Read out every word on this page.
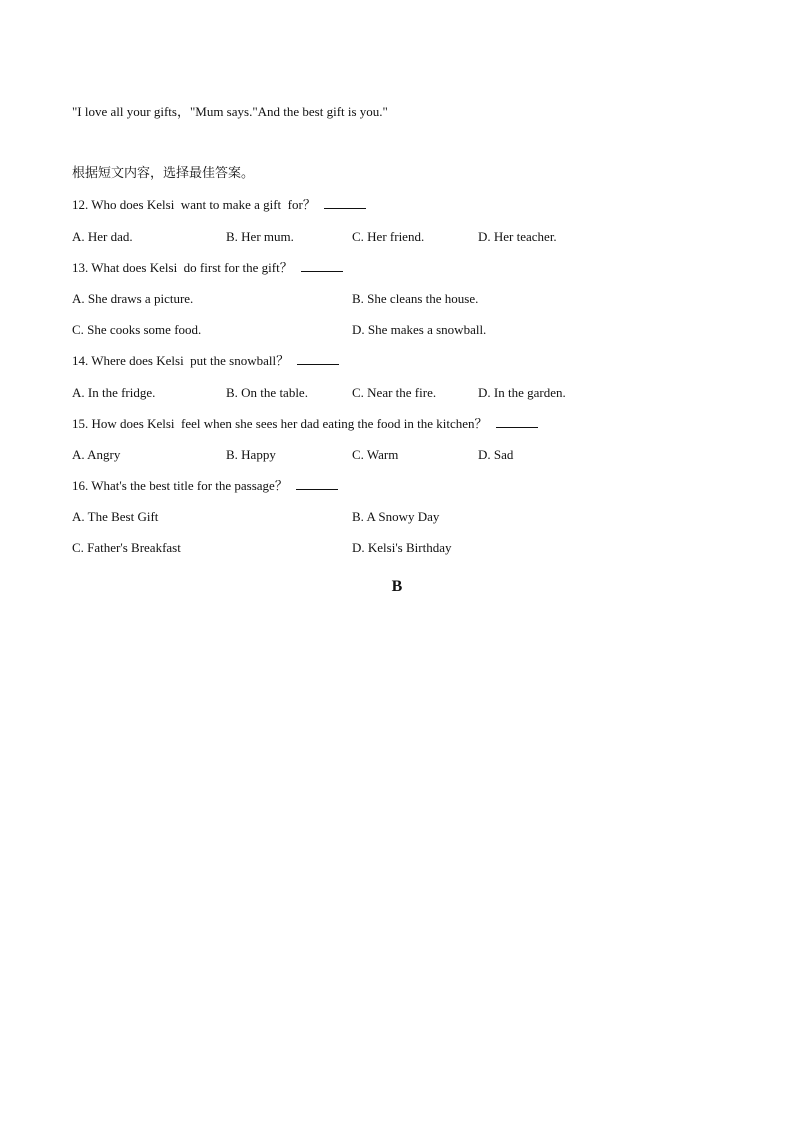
"I love all your gifts，"Mum says."And the best gift is you."
根据短文内容，选择最佳答案。
12. Who does Kelsi  want to make a gift  for？
A. Her dad.	B. Her mum.	C. Her friend.	D. Her teacher.
13. What does Kelsi  do first for the gift？
A. She draws a picture.	B. She cleans the house.
C. She cooks some food.	D. She makes a snowball.
14. Where does Kelsi  put the snowball？
A. In the fridge.	B. On the table.	C. Near the fire.	D. In the garden.
15. How does Kelsi  feel when she sees her dad eating the food in the kitchen？
A. Angry	B. Happy	C. Warm	D. Sad
16. What's the best title for the passage？
A. The Best Gift	B. A Snowy Day
C. Father's Breakfast	D. Kelsi's Birthday
B
